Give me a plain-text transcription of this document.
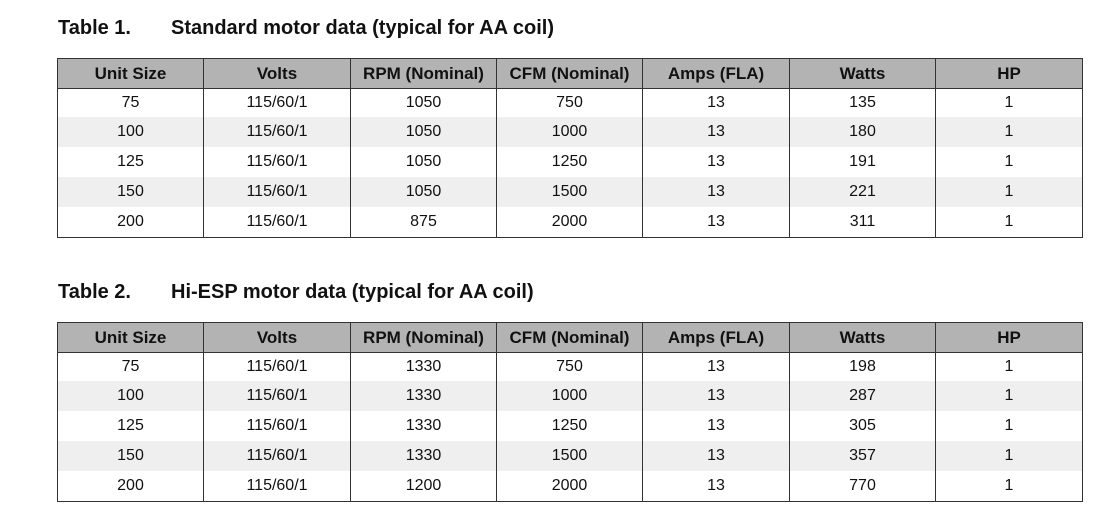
Table 1. Standard motor data (typical for AA coil)
Unit Size	Volts	RPM (Nominal)	CFM (Nominal)	Amps (FLA)	Watts	HP
75	115/60/1	1050	750	13	135	1
100	115/60/1	1050	1000	13	180	1
125	115/60/1	1050	1250	13	191	1
150	115/60/1	1050	1500	13	221	1
200	115/60/1	875	2000	13	311	1
Table 2. Hi-ESP motor data (typical for AA coil)
Unit Size	Volts	RPM (Nominal)	CFM (Nominal)	Amps (FLA)	Watts	HP
75	115/60/1	1330	750	13	198	1
100	115/60/1	1330	1000	13	287	1
125	115/60/1	1330	1250	13	305	1
150	115/60/1	1330	1500	13	357	1
200	115/60/1	1200	2000	13	770	1
